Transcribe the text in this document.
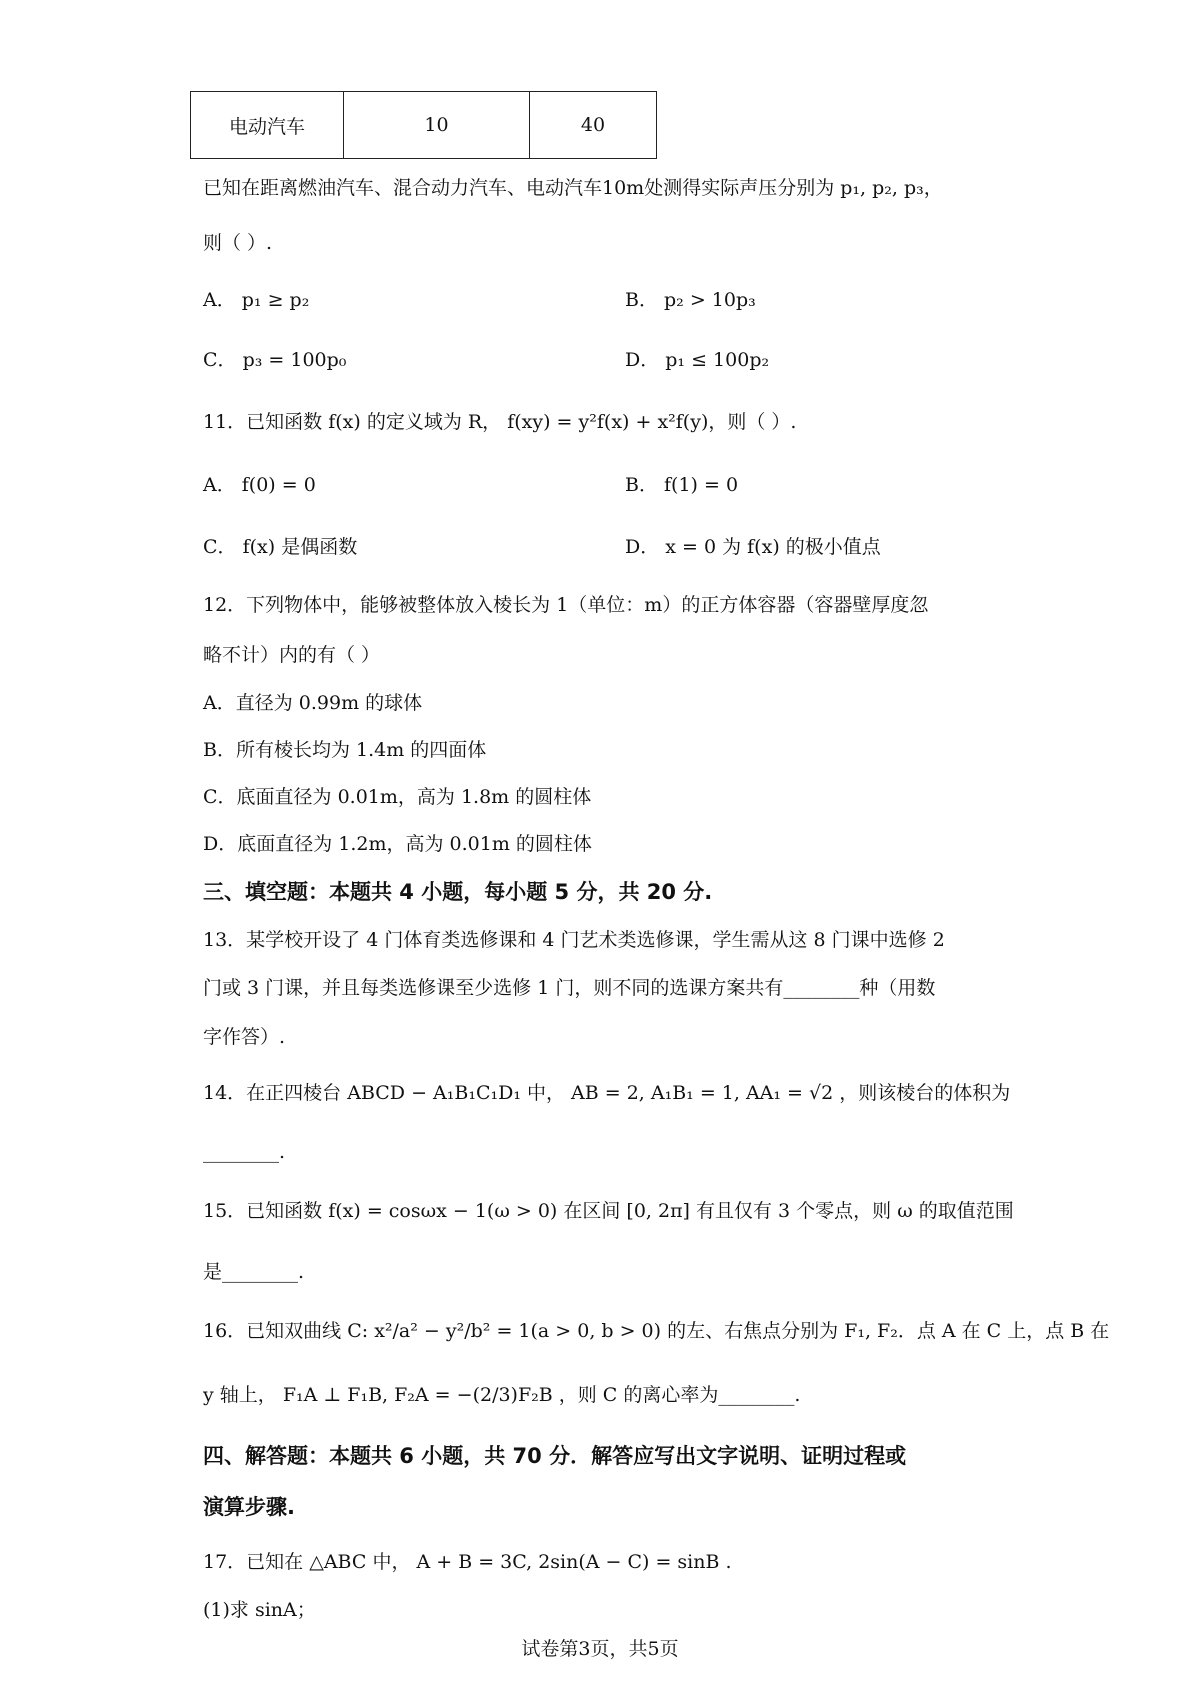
电动汽车	10	40
已知在距离燃油汽车、混合动力汽车、电动汽车10m处测得实际声压分别为 p₁, p₂, p₃，
则（ ）.
A． p₁ ≥ p₂	B． p₂ > 10p₃
C． p₃ = 100p₀	D． p₁ ≤ 100p₂
11．已知函数 f(x) 的定义域为 R， f(xy) = y²f(x) + x²f(y)，则（ ）.
A． f(0) = 0	B． f(1) = 0
C． f(x) 是偶函数	D． x = 0 为 f(x) 的极小值点
12．下列物体中，能够被整体放入棱长为 1（单位：m）的正方体容器（容器壁厚度忽
略不计）内的有（ ）
A．直径为 0.99m 的球体
B．所有棱长均为 1.4m 的四面体
C．底面直径为 0.01m，高为 1.8m 的圆柱体
D．底面直径为 1.2m，高为 0.01m 的圆柱体
三、填空题：本题共 4 小题，每小题 5 分，共 20 分.
13．某学校开设了 4 门体育类选修课和 4 门艺术类选修课，学生需从这 8 门课中选修 2
门或 3 门课，并且每类选修课至少选修 1 门，则不同的选课方案共有________种（用数
字作答）.
14．在正四棱台 ABCD − A₁B₁C₁D₁ 中， AB = 2, A₁B₁ = 1, AA₁ = √2 ，则该棱台的体积为
________.
15．已知函数 f(x) = cosωx − 1(ω > 0) 在区间 [0, 2π] 有且仅有 3 个零点，则 ω 的取值范围
是________.
16．已知双曲线 C: x²/a² − y²/b² = 1(a > 0, b > 0) 的左、右焦点分别为 F₁, F₂．点 A 在 C 上，点 B 在
y 轴上， F₁A ⊥ F₁B, F₂A = −(2/3)F₂B ，则 C 的离心率为________.
四、解答题：本题共 6 小题，共 70 分．解答应写出文字说明、证明过程或
演算步骤.
17．已知在 △ABC 中， A + B = 3C, 2sin(A − C) = sinB .
(1)求 sinA；
试卷第3页，共5页
